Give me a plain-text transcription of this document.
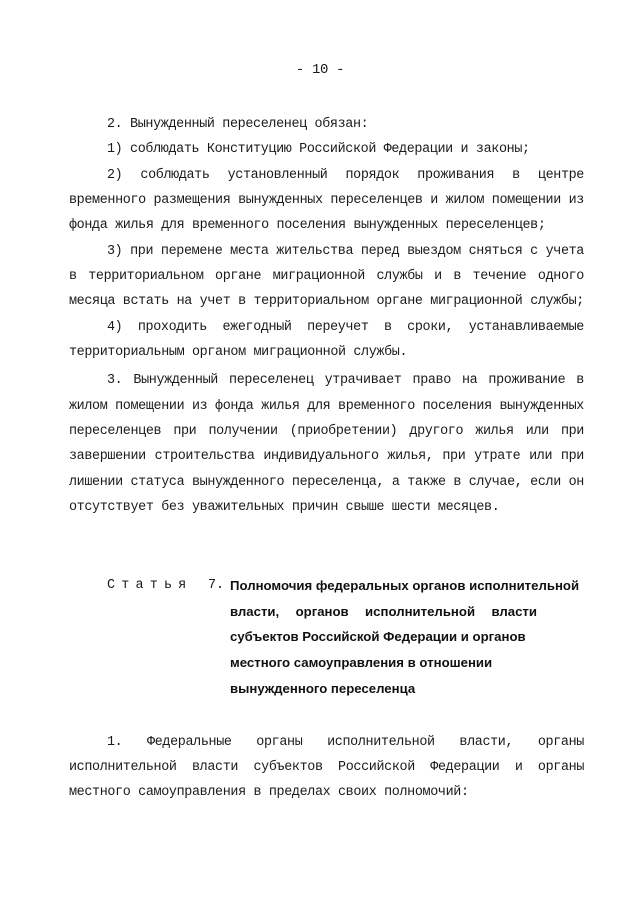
- 10 -
2. Вынужденный переселенец обязан:
1) соблюдать Конституцию Российской Федерации и законы;
2) соблюдать установленный порядок проживания в центре
временного размещения вынужденных переселенцев и жилом помещении из
фонда жилья для временного поселения вынужденных переселенцев;
3) при перемене места жительства перед выездом сняться с учета
в территориальном органе миграционной службы и в течение одного
месяца встать на учет в территориальном органе миграционной службы;
4) проходить ежегодный переучет в сроки, устанавливаемые
территориальным органом миграционной службы.
3. Вынужденный переселенец утрачивает право на проживание в
жилом помещении из фонда жилья для временного поселения вынужденных
переселенцев при получении (приобретении) другого жилья или при
завершении строительства индивидуального жилья, при утрате или при
лишении статуса вынужденного переселенца, а также в случае, если он
отсутствует без уважительных причин свыше шести месяцев.
Статья 7. Полномочия федеральных органов исполнительной
власти, органов исполнительной власти
субъектов Российской Федерации и органов
местного самоуправления в отношении
вынужденного переселенца
1. Федеральные органы исполнительной власти, органы
исполнительной власти субъектов Российской Федерации и органы
местного самоуправления в пределах своих полномочий:
